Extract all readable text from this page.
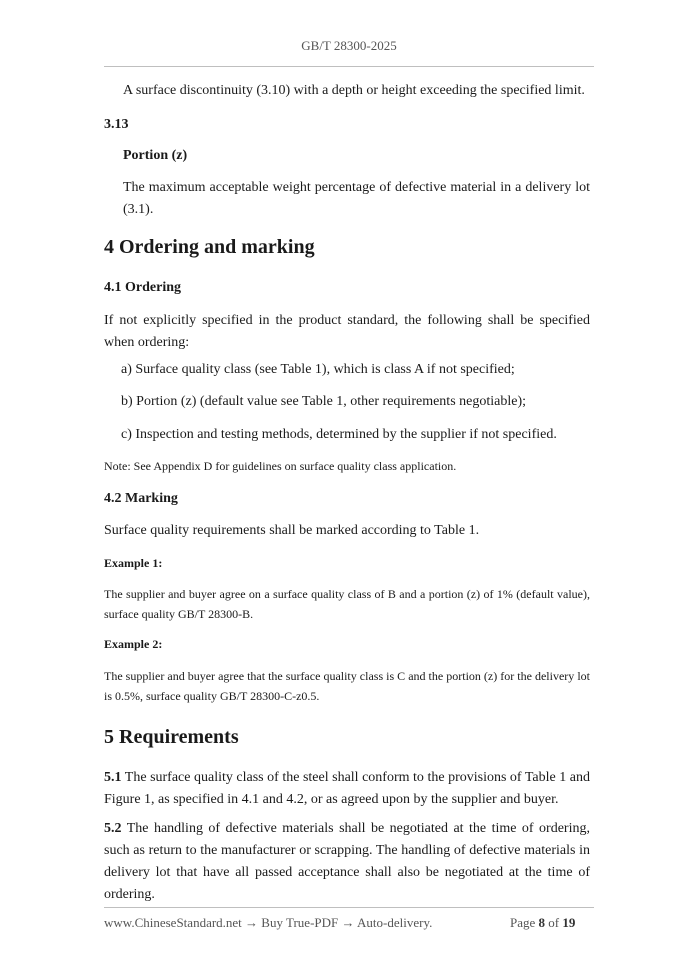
GB/T 28300-2025
A surface discontinuity (3.10) with a depth or height exceeding the specified limit.
3.13
Portion (z)
The maximum acceptable weight percentage of defective material in a delivery lot (3.1).
4 Ordering and marking
4.1 Ordering
If not explicitly specified in the product standard, the following shall be specified when ordering:
a) Surface quality class (see Table 1), which is class A if not specified;
b) Portion (z) (default value see Table 1, other requirements negotiable);
c) Inspection and testing methods, determined by the supplier if not specified.
Note: See Appendix D for guidelines on surface quality class application.
4.2 Marking
Surface quality requirements shall be marked according to Table 1.
Example 1:
The supplier and buyer agree on a surface quality class of B and a portion (z) of 1% (default value), surface quality GB/T 28300-B.
Example 2:
The supplier and buyer agree that the surface quality class is C and the portion (z) for the delivery lot is 0.5%, surface quality GB/T 28300-C-z0.5.
5 Requirements
5.1 The surface quality class of the steel shall conform to the provisions of Table 1 and Figure 1, as specified in 4.1 and 4.2, or as agreed upon by the supplier and buyer.
5.2 The handling of defective materials shall be negotiated at the time of ordering, such as return to the manufacturer or scrapping. The handling of defective materials in delivery lot that have all passed acceptance shall also be negotiated at the time of ordering.
www.ChineseStandard.net → Buy True-PDF → Auto-delivery.	Page 8 of 19
